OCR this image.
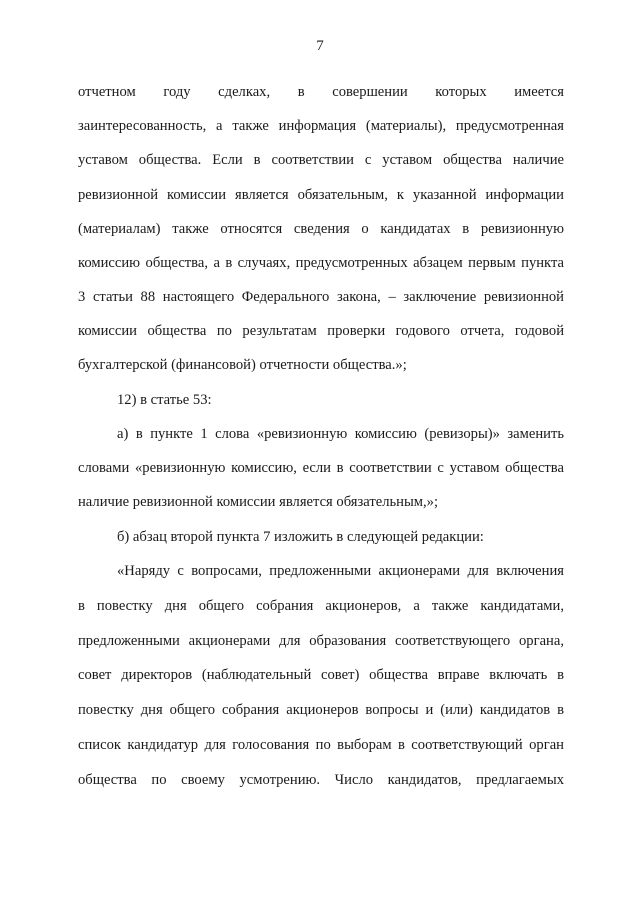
7
отчетном году сделках, в совершении которых имеется
заинтересованность, а также информация (материалы), предусмотренная
уставом общества. Если в соответствии с уставом общества наличие
ревизионной комиссии является обязательным, к указанной информации
(материалам) также относятся сведения о кандидатах в ревизионную
комиссию общества, а в случаях, предусмотренных абзацем первым пункта
3 статьи 88 настоящего Федерального закона, – заключение ревизионной
комиссии общества по результатам проверки годового отчета, годовой
бухгалтерской (финансовой) отчетности общества.»;
12) в статье 53:
а) в пункте 1 слова «ревизионную комиссию (ревизоры)» заменить
словами «ревизионную комиссию, если в соответствии с уставом общества
наличие ревизионной комиссии является обязательным,»;
б) абзац второй пункта 7 изложить в следующей редакции:
«Наряду с вопросами, предложенными акционерами для включения
в повестку дня общего собрания акционеров, а также кандидатами,
предложенными акционерами для образования соответствующего органа,
совет директоров (наблюдательный совет) общества вправе включать в
повестку дня общего собрания акционеров вопросы и (или) кандидатов в
список кандидатур для голосования по выборам в соответствующий орган
общества по своему усмотрению. Число кандидатов, предлагаемых
